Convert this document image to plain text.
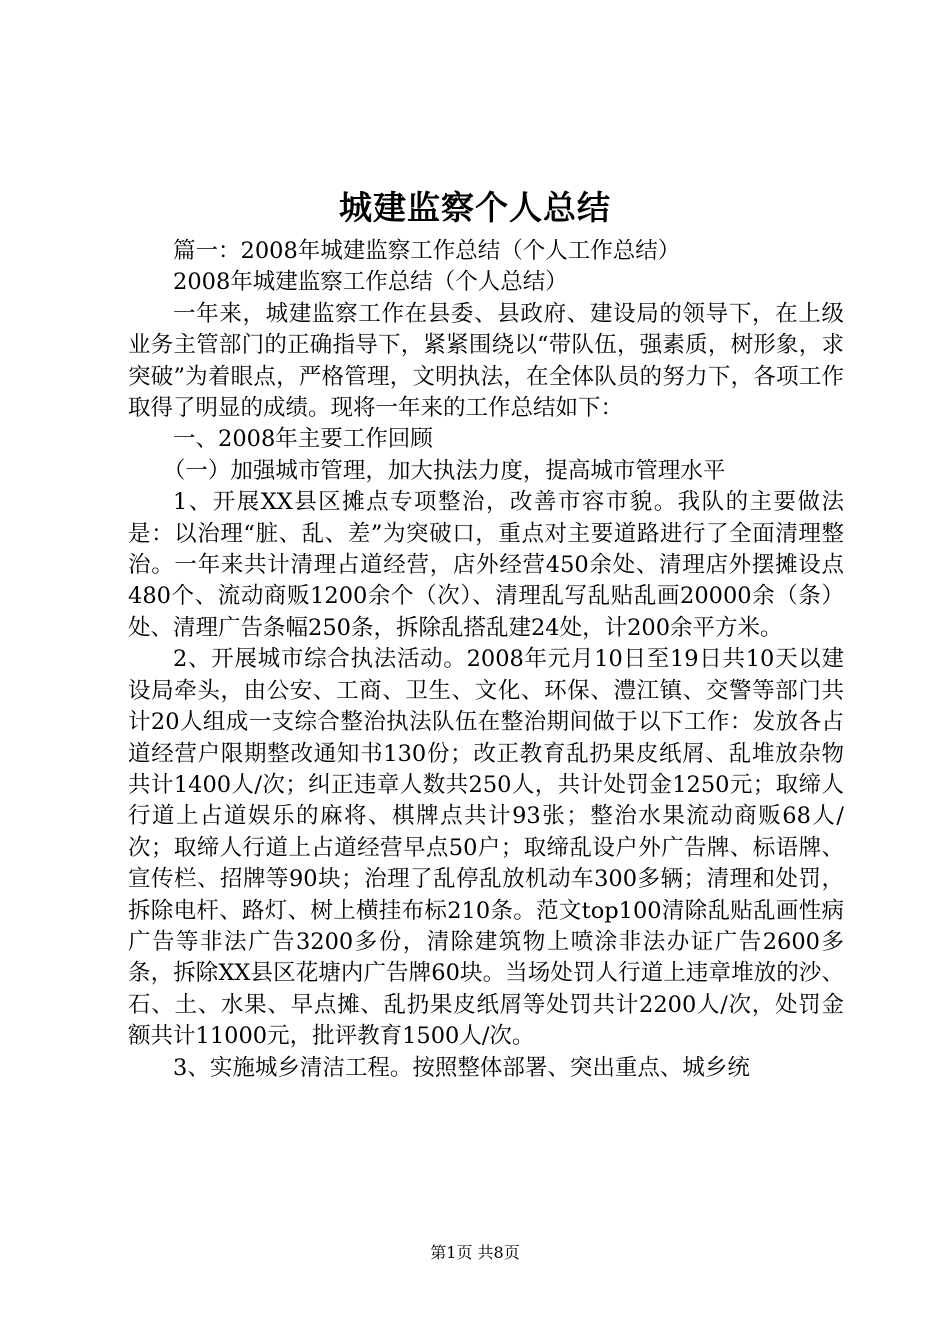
城建监察个人总结

篇一：2008年城建监察工作总结（个人工作总结）

2008年城建监察工作总结（个人总结）

一年来，城建监察工作在县委、县政府、建设局的领导下，在上级业务主管部门的正确指导下，紧紧围绕以“带队伍，强素质，树形象，求突破”为着眼点，严格管理，文明执法，在全体队员的努力下，各项工作取得了明显的成绩。现将一年来的工作总结如下：

一、2008年主要工作回顾

（一）加强城市管理，加大执法力度，提高城市管理水平

1、开展XX县区摊点专项整治，改善市容市貌。我队的主要做法是：以治理“脏、乱、差”为突破口，重点对主要道路进行了全面清理整治。一年来共计清理占道经营，店外经营450余处、清理店外摆摊设点480个、流动商贩1200余个（次）、清理乱写乱贴乱画20000余（条）处、清理广告条幅250条，拆除乱搭乱建24处，计200余平方米。

2、开展城市综合执法活动。2008年元月10日至19日共10天以建设局牵头，由公安、工商、卫生、文化、环保、澧江镇、交警等部门共计20人组成一支综合整治执法队伍在整治期间做于以下工作：发放各占道经营户限期整改通知书130份；改正教育乱扔果皮纸屑、乱堆放杂物共计1400人/次；纠正违章人数共250人，共计处罚金1250元；取缔人行道上占道娱乐的麻将、棋牌点共计93张；整治水果流动商贩68人/次；取缔人行道上占道经营早点50户；取缔乱设户外广告牌、标语牌、宣传栏、招牌等90块；治理了乱停乱放机动车300多辆；清理和处罚，拆除电杆、路灯、树上横挂布标210条。范文top100清除乱贴乱画性病广告等非法广告3200多份，清除建筑物上喷涂非法办证广告2600多条，拆除XX县区花塘内广告牌60块。当场处罚人行道上违章堆放的沙、石、土、水果、早点摊、乱扔果皮纸屑等处罚共计2200人/次，处罚金额共计11000元，批评教育1500人/次。

3、实施城乡清洁工程。按照整体部署、突出重点、城乡统

第1页 共8页
